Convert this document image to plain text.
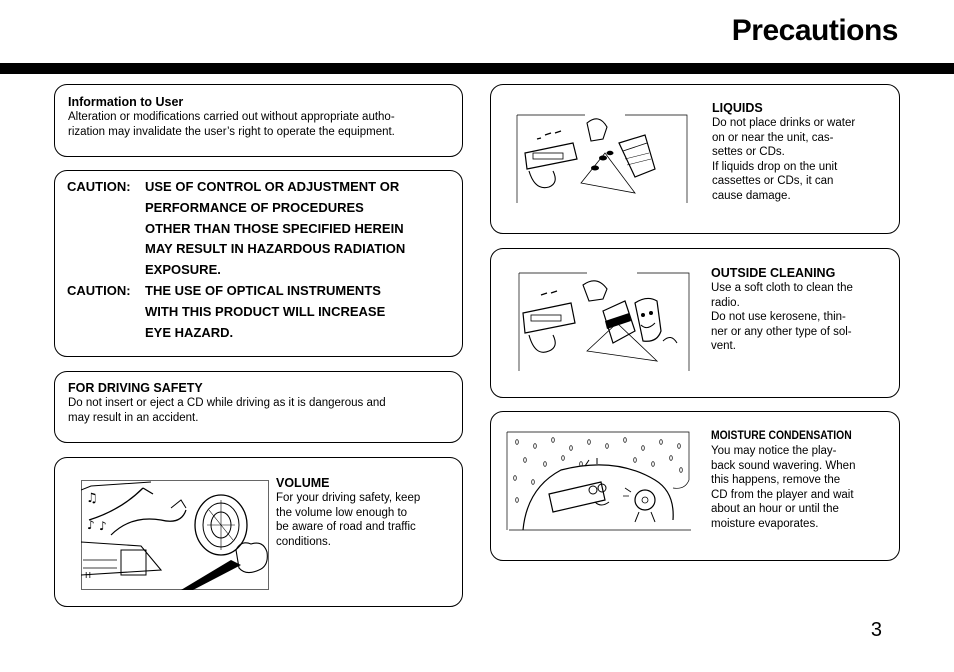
Precautions
Information to User
Alteration or modifications carried out without appropriate autho-
rization may invalidate the user’s right to operate the equipment.
CAUTION:	USE OF CONTROL OR ADJUSTMENT OR
PERFORMANCE OF PROCEDURES
OTHER THAN THOSE SPECIFIED HEREIN
MAY RESULT IN HAZARDOUS RADIATION
EXPOSURE.
CAUTION:	THE USE OF OPTICAL INSTRUMENTS
WITH THIS PRODUCT WILL INCREASE
EYE HAZARD.
FOR DRIVING SAFETY
Do not insert or eject a CD while driving as it is dangerous and
may result in an accident.
♫
♪ ♪
H
VOLUME
For your driving safety, keep
the volume low enough to
be aware of road and traffic
conditions.
LIQUIDS
Do not place drinks or water
on or near the unit, cas-
settes or CDs.
If liquids drop on the unit
cassettes or CDs, it can
cause damage.
OUTSIDE CLEANING
Use a soft cloth to clean the
radio.
Do not use kerosene, thin-
ner or any other type of sol-
vent.
MOISTURE CONDENSATION
You may notice the play-
back sound wavering. When
this happens, remove the
CD from the player and wait
about an hour or until the
moisture evaporates.
3
